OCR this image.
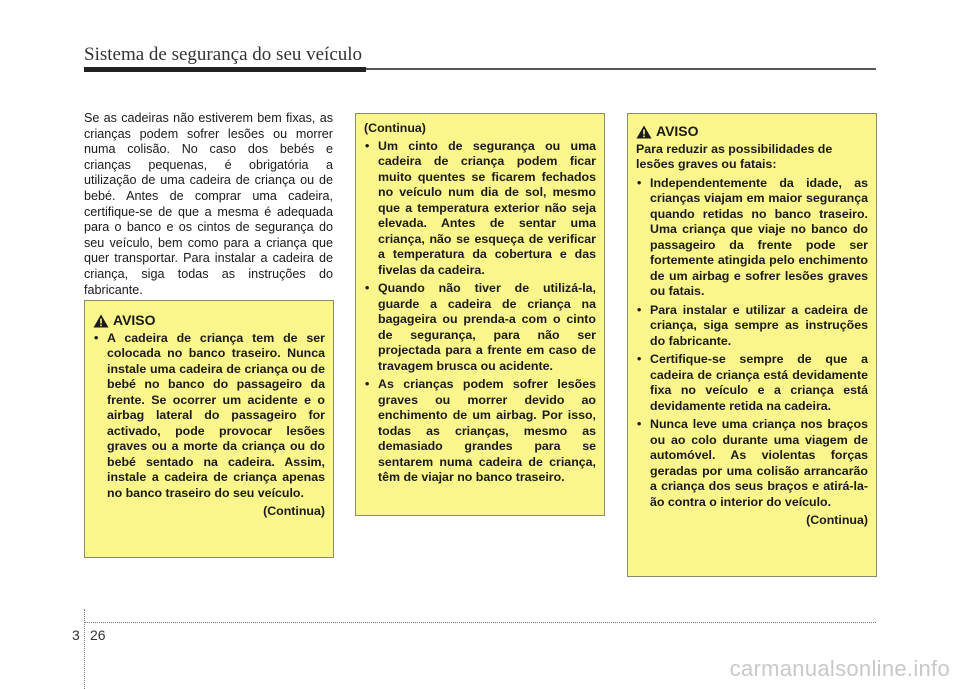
Sistema de segurança do seu veículo
Se as cadeiras não estiverem bem fixas, as crianças podem sofrer lesões ou morrer numa colisão. No caso dos bebés e crianças pequenas, é obrigatória a utilização de uma cadeira de criança ou de bebé. Antes de comprar uma cadeira, certifique-se de que a mesma é adequada para o banco e os cintos de segurança do seu veículo, bem como para a criança que quer transportar. Para instalar a cadeira de criança, siga todas as instruções do fabricante.
AVISO
• A cadeira de criança tem de ser colocada no banco traseiro. Nunca instale uma cadeira de criança ou de bebé no banco do passageiro da frente. Se ocorrer um acidente e o airbag lateral do passageiro for activado, pode provocar lesões graves ou a morte da criança ou do bebé sentado na cadeira. Assim, instale a cadeira de criança apenas no banco traseiro do seu veículo.
(Continua)
(Continua)
• Um cinto de segurança ou uma cadeira de criança podem ficar muito quentes se ficarem fechados no veículo num dia de sol, mesmo que a temperatura exterior não seja elevada. Antes de sentar uma criança, não se esqueça de verificar a temperatura da cobertura e das fivelas da cadeira.
• Quando não tiver de utilizá-la, guarde a cadeira de criança na bagageira ou prenda-a com o cinto de segurança, para não ser projectada para a frente em caso de travagem brusca ou acidente.
• As crianças podem sofrer lesões graves ou morrer devido ao enchimento de um airbag. Por isso, todas as crianças, mesmo as demasiado grandes para se sentarem numa cadeira de criança, têm de viajar no banco traseiro.
AVISO
Para reduzir as possibilidades de lesões graves ou fatais:
• Independentemente da idade, as crianças viajam em maior segurança quando retidas no banco traseiro. Uma criança que viaje no banco do passageiro da frente pode ser fortemente atingida pelo enchimento de um airbag e sofrer lesões graves ou fatais.
• Para instalar e utilizar a cadeira de criança, siga sempre as instruções do fabricante.
• Certifique-se sempre de que a cadeira de criança está devidamente fixa no veículo e a criança está devidamente retida na cadeira.
• Nunca leve uma criança nos braços ou ao colo durante uma viagem de automóvel. As violentas forças geradas por uma colisão arrancarão a criança dos seus braços e atirá-la-ão contra o interior do veículo.
(Continua)
3 26
carmanualsonline.info
